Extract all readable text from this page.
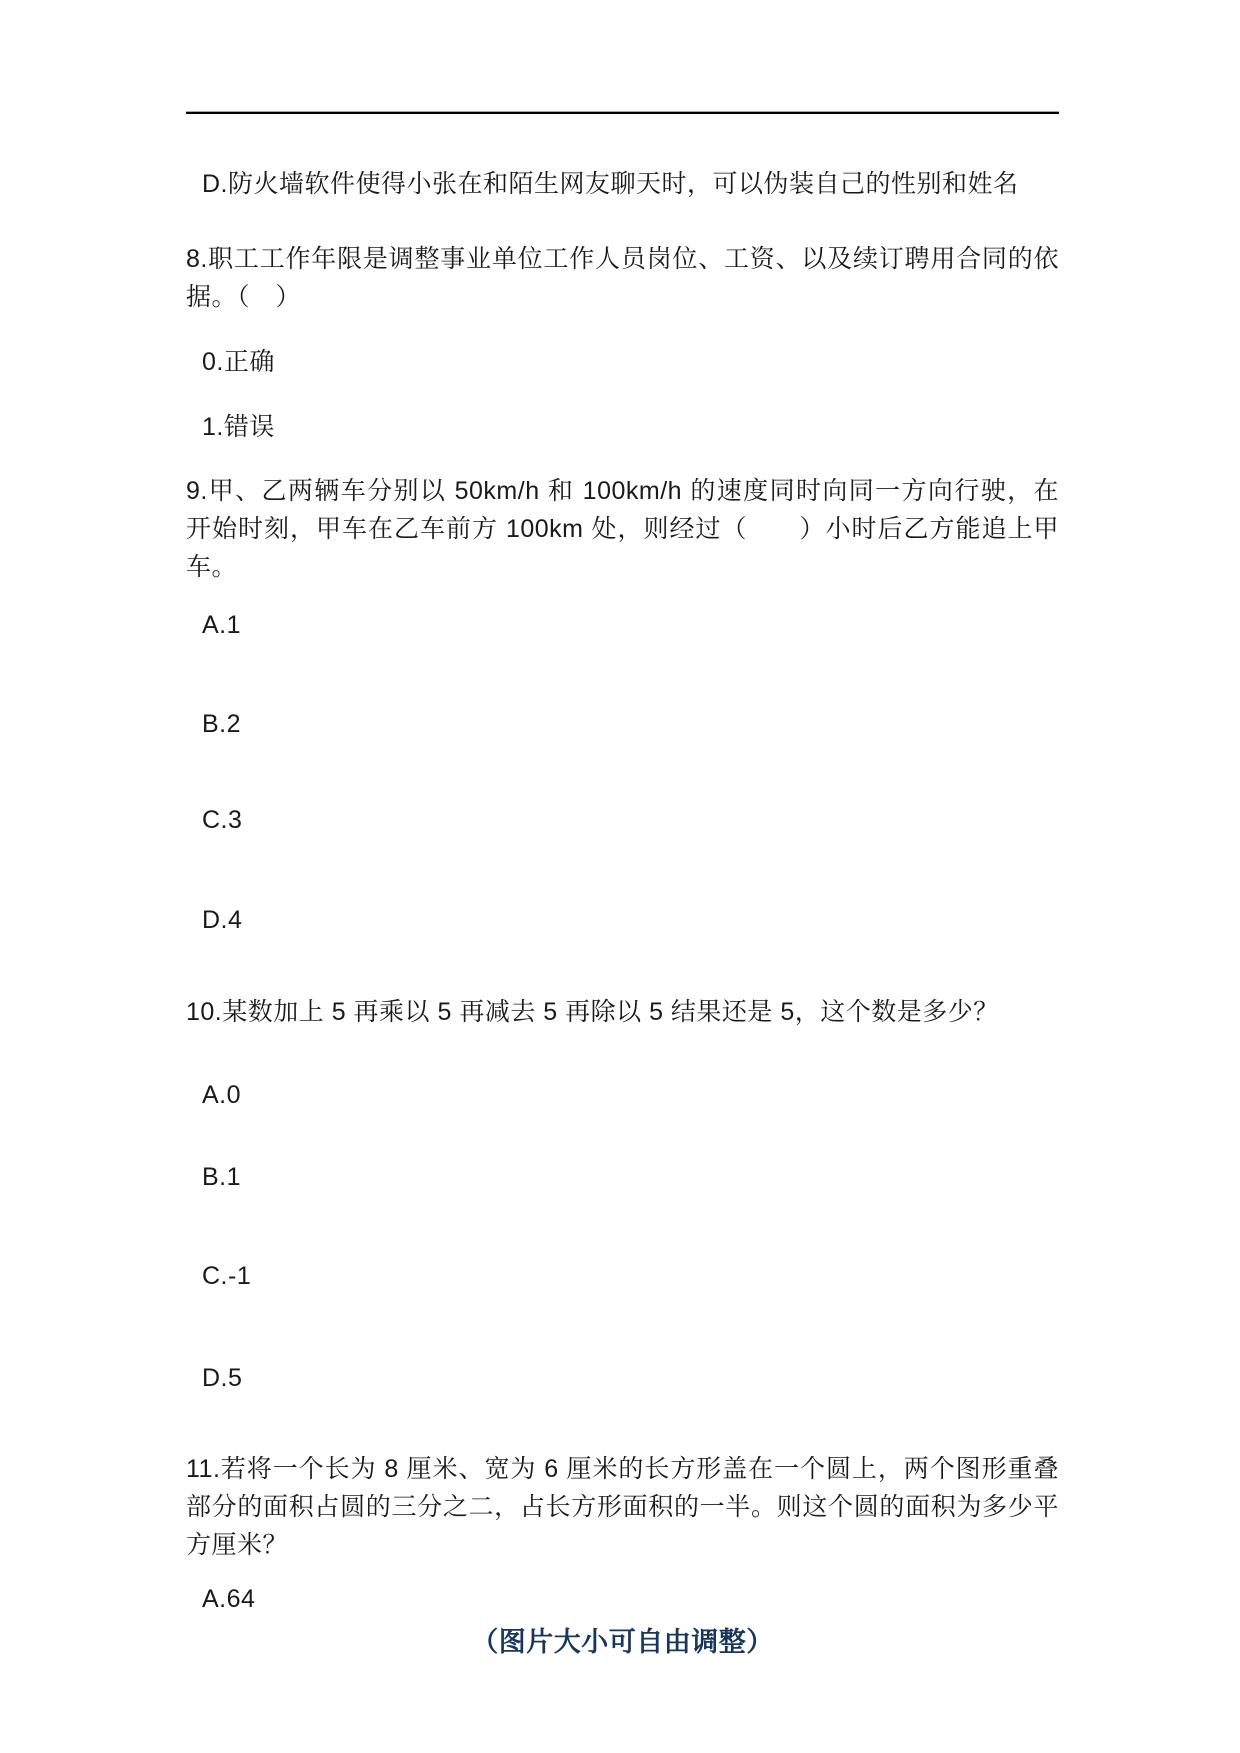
D.防火墙软件使得小张在和陌生网友聊天时，可以伪装自己的性别和姓名

8.职工工作年限是调整事业单位工作人员岗位、工资、以及续订聘用合同的依据。（　）

0.正确

1.错误

9.甲、乙两辆车分别以 50km/h 和 100km/h 的速度同时向同一方向行驶，在开始时刻，甲车在乙车前方 100km 处，则经过（　　）小时后乙方能追上甲车。

A.1

B.2

C.3

D.4

10.某数加上 5 再乘以 5 再减去 5 再除以 5 结果还是 5，这个数是多少？

A.0

B.1

C.-1

D.5

11.若将一个长为 8 厘米、宽为 6 厘米的长方形盖在一个圆上，两个图形重叠部分的面积占圆的三分之二，占长方形面积的一半。则这个圆的面积为多少平方厘米？

A.64

（图片大小可自由调整）
